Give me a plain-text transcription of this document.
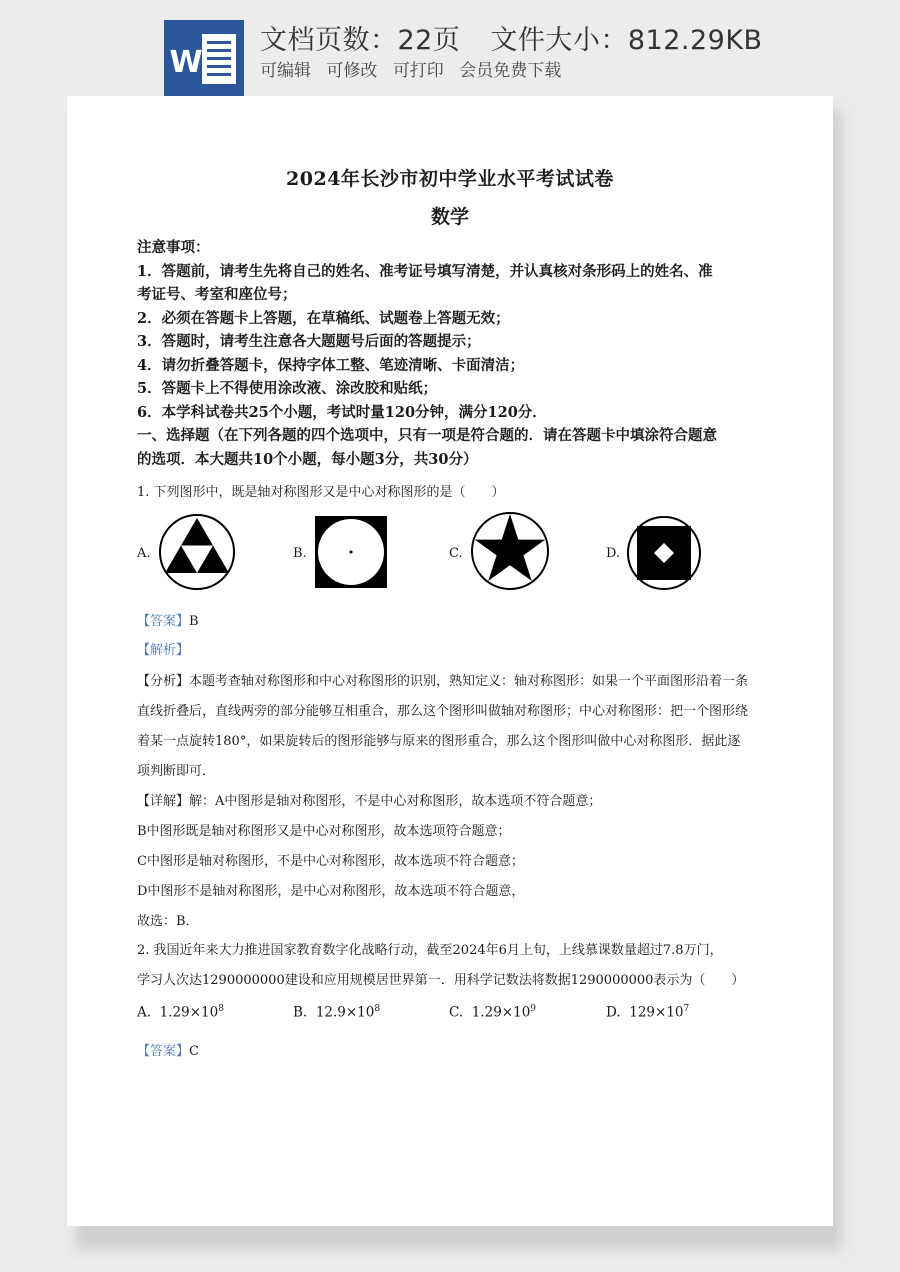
W
文档页数：22页 文件大小：812.29KB
可编辑 可修改 可打印 会员免费下载
2024年长沙市初中学业水平考试试卷
数学

注意事项：

1．答题前，请考生先将自己的姓名、准考证号填写清楚，并认真核对条形码上的姓名、准

考证号、考室和座位号；

2．必须在答题卡上答题，在草稿纸、试题卷上答题无效；

3．答题时，请考生注意各大题题号后面的答题提示；

4．请勿折叠答题卡，保持字体工整、笔迹清晰、卡面清洁；

5．答题卡上不得使用涂改液、涂改胶和贴纸；

6．本学科试卷共25个小题，考试时量120分钟，满分120分．

一、选择题（在下列各题的四个选项中，只有一项是符合题的．请在答题卡中填涂符合题意

的选项．本大题共10个小题，每小题3分，共30分）

1. 下列图形中，既是轴对称图形又是中心对称图形的是（　　）
A.	B.	C.	D.
【答案】B
【解析】
【分析】本题考查轴对称图形和中心对称图形的识别，熟知定义：轴对称图形：如果一个平面图形沿着一条
直线折叠后，直线两旁的部分能够互相重合，那么这个图形叫做轴对称图形；中心对称图形：把一个图形绕
着某一点旋转180°，如果旋转后的图形能够与原来的图形重合，那么这个图形叫做中心对称图形．据此逐
项判断即可．
【详解】解：A中图形是轴对称图形，不是中心对称图形，故本选项不符合题意；
B中图形既是轴对称图形又是中心对称图形，故本选项符合题意；
C中图形是轴对称图形，不是中心对称图形，故本选项不符合题意；
D中图形不是轴对称图形，是中心对称图形，故本选项不符合题意，
故选：B．
2. 我国近年来大力推进国家教育数字化战略行动，截至2024年6月上旬，上线慕课数量超过7.8万门，
学习人次达1290000000建设和应用规模居世界第一．用科学记数法将数据1290000000表示为（　　）
A. $1.29\times 10^8$	B. $12.9\times 10^8$	C. $1.29\times 10^9$	D. $129\times 10^7$
【答案】C
